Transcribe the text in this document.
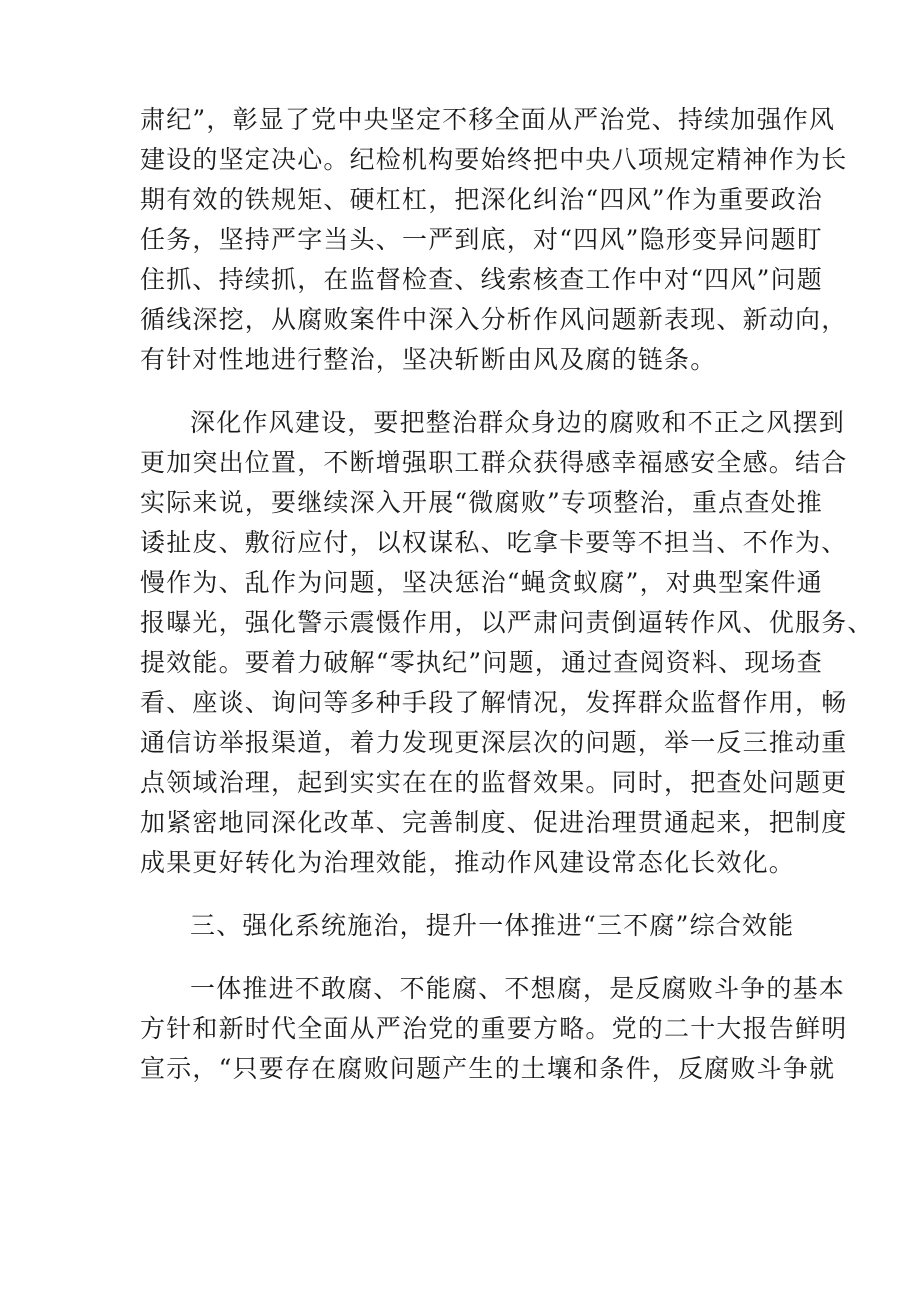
肃纪”，彰显了党中央坚定不移全面从严治党、持续加强作风
建设的坚定决心。纪检机构要始终把中央八项规定精神作为长
期有效的铁规矩、硬杠杠，把深化纠治“四风”作为重要政治
任务，坚持严字当头、一严到底，对“四风”隐形变异问题盯
住抓、持续抓，在监督检查、线索核查工作中对“四风”问题
循线深挖，从腐败案件中深入分析作风问题新表现、新动向，
有针对性地进行整治，坚决斩断由风及腐的链条。
深化作风建设，要把整治群众身边的腐败和不正之风摆到
更加突出位置，不断增强职工群众获得感幸福感安全感。结合
实际来说，要继续深入开展“微腐败”专项整治，重点查处推
诿扯皮、敷衍应付，以权谋私、吃拿卡要等不担当、不作为、
慢作为、乱作为问题，坚决惩治“蝇贪蚁腐”，对典型案件通
报曝光，强化警示震慑作用，以严肃问责倒逼转作风、优服务、
提效能。要着力破解“零执纪”问题，通过查阅资料、现场查
看、座谈、询问等多种手段了解情况，发挥群众监督作用，畅
通信访举报渠道，着力发现更深层次的问题，举一反三推动重
点领域治理，起到实实在在的监督效果。同时，把查处问题更
加紧密地同深化改革、完善制度、促进治理贯通起来，把制度
成果更好转化为治理效能，推动作风建设常态化长效化。
三、强化系统施治，提升一体推进“三不腐”综合效能
一体推进不敢腐、不能腐、不想腐，是反腐败斗争的基本
方针和新时代全面从严治党的重要方略。党的二十大报告鲜明
宣示，“只要存在腐败问题产生的土壤和条件，反腐败斗争就
